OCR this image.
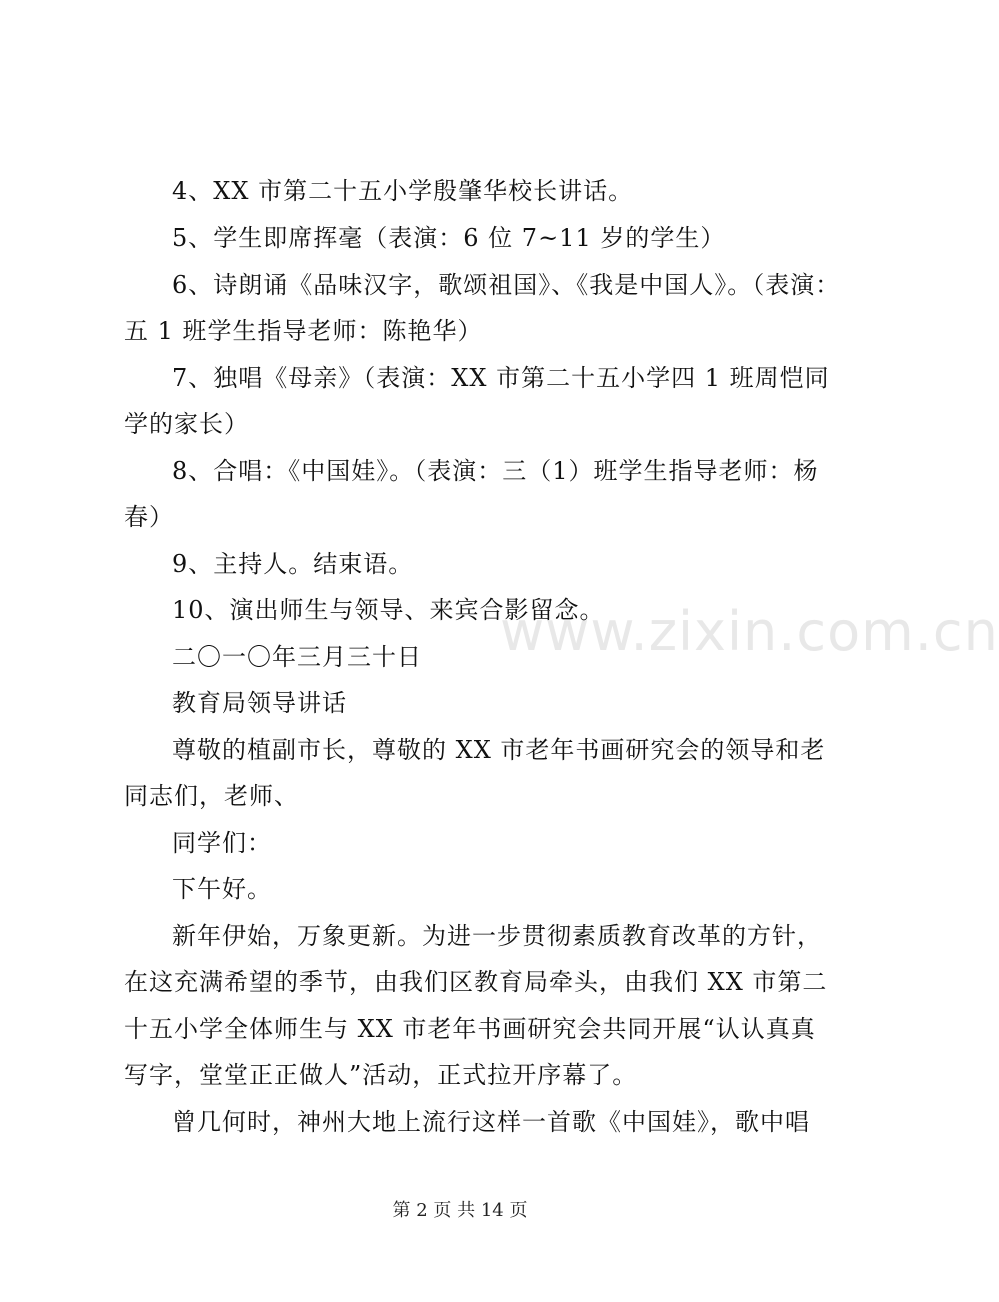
www.zixin.com.cn
4、XX 市第二十五小学殷肇华校长讲话。
5、学生即席挥毫（表演：6 位 7~11 岁的学生）
6、诗朗诵《品味汉字，歌颂祖国》、《我是中国人》。（表演：
五 1 班学生指导老师：陈艳华）
7、独唱《母亲》（表演：XX 市第二十五小学四 1 班周恺同
学的家长）
8、合唱：《中国娃》。（表演：三（1）班学生指导老师：杨
春）
9、主持人。结束语。
10、演出师生与领导、来宾合影留念。
二〇一〇年三月三十日
教育局领导讲话
尊敬的植副市长，尊敬的 XX 市老年书画研究会的领导和老
同志们，老师、
同学们：
下午好。
新年伊始，万象更新。为进一步贯彻素质教育改革的方针，
在这充满希望的季节，由我们区教育局牵头，由我们 XX 市第二
十五小学全体师生与 XX 市老年书画研究会共同开展“认认真真
写字，堂堂正正做人”活动，正式拉开序幕了。
曾几何时，神州大地上流行这样一首歌《中国娃》，歌中唱
第 2 页 共 14 页
